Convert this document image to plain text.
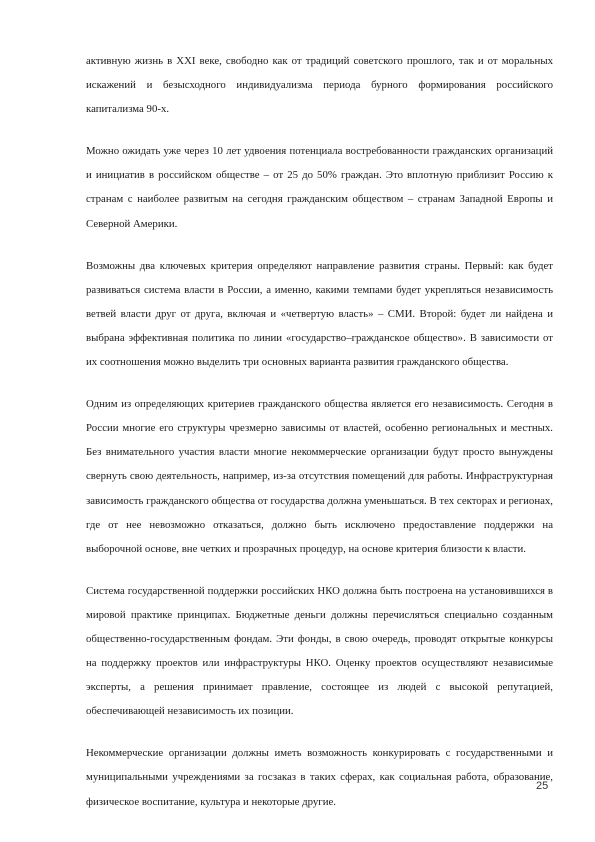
активную жизнь в XXI веке, свободно как от традиций советского прошлого, так и от моральных искажений и безысходного индивидуализма периода бурного формирования российского капитализма 90-х.

Можно ожидать уже через 10 лет удвоения потенциала востребованности гражданских организаций и инициатив в российском обществе – от 25 до 50% граждан. Это вплотную приблизит Россию к странам с наиболее развитым на сегодня гражданским обществом – странам Западной Европы и Северной Америки.

Возможны два ключевых критерия определяют направление развития страны. Первый: как будет развиваться система власти в России, а именно, какими темпами будет укрепляться независимость ветвей власти друг от друга, включая и «четвертую власть» – СМИ. Второй: будет ли найдена и выбрана эффективная политика по линии «государство–гражданское общество». В зависимости от их соотношения можно выделить три основных варианта развития гражданского общества.

Одним из определяющих критериев гражданского общества является его независимость. Сегодня в России многие его структуры чрезмерно зависимы от властей, особенно региональных и местных. Без внимательного участия власти многие некоммерческие организации будут просто вынуждены свернуть свою деятельность, например, из-за отсутствия помещений для работы. Инфраструктурная зависимость гражданского общества от государства должна уменьшаться. В тех секторах и регионах, где от нее невозможно отказаться, должно быть исключено предоставление поддержки на выборочной основе, вне четких и прозрачных процедур, на основе критерия близости к власти.

Система государственной поддержки российских НКО должна быть построена на установившихся в мировой практике принципах. Бюджетные деньги должны перечисляться специально созданным общественно-государственным фондам. Эти фонды, в свою очередь, проводят открытые конкурсы на поддержку проектов или инфраструктуры НКО. Оценку проектов осуществляют независимые эксперты, а решения принимает правление, состоящее из людей с высокой репутацией, обеспечивающей независимость их позиции.

Некоммерческие организации должны иметь возможность конкурировать с государственными и муниципальными учреждениями за госзаказ в таких сферах, как социальная работа, образование, физическое воспитание, культура и некоторые другие.

25
